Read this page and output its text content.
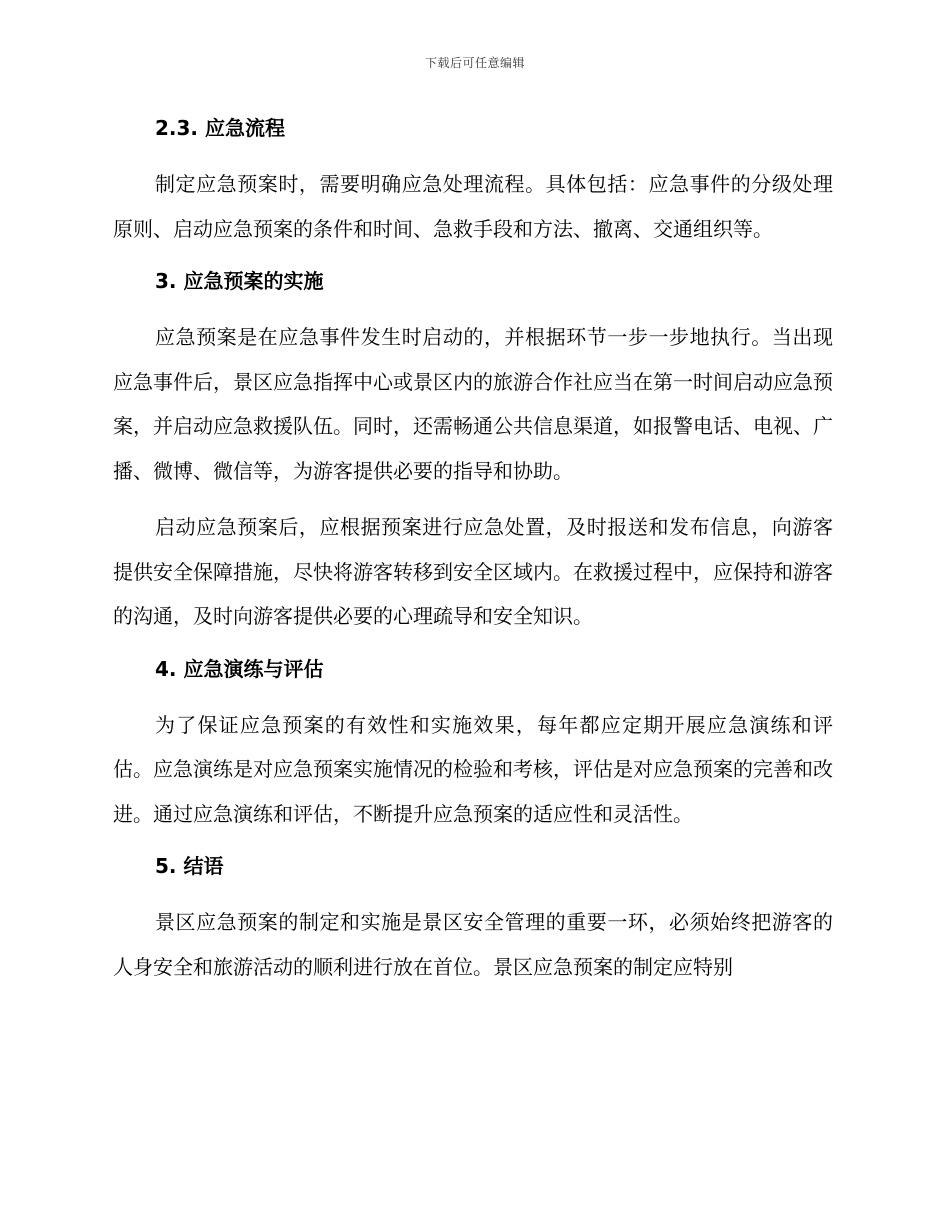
下载后可任意编辑
2.3. 应急流程

制定应急预案时，需要明确应急处理流程。具体包括：应急事件的分级处理原则、启动应急预案的条件和时间、急救手段和方法、撤离、交通组织等。

3. 应急预案的实施

应急预案是在应急事件发生时启动的，并根据环节一步一步地执行。当出现应急事件后，景区应急指挥中心或景区内的旅游合作社应当在第一时间启动应急预案，并启动应急救援队伍。同时，还需畅通公共信息渠道，如报警电话、电视、广播、微博、微信等，为游客提供必要的指导和协助。

启动应急预案后，应根据预案进行应急处置，及时报送和发布信息，向游客提供安全保障措施，尽快将游客转移到安全区域内。在救援过程中，应保持和游客的沟通，及时向游客提供必要的心理疏导和安全知识。

4. 应急演练与评估

为了保证应急预案的有效性和实施效果，每年都应定期开展应急演练和评估。应急演练是对应急预案实施情况的检验和考核，评估是对应急预案的完善和改进。通过应急演练和评估，不断提升应急预案的适应性和灵活性。

5. 结语

景区应急预案的制定和实施是景区安全管理的重要一环，必须始终把游客的人身安全和旅游活动的顺利进行放在首位。景区应急预案的制定应特别
